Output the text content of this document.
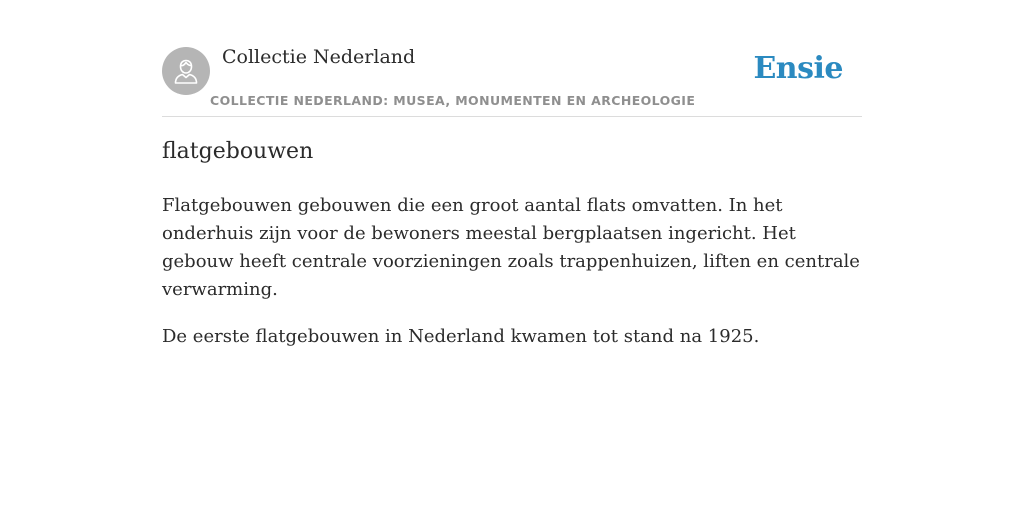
Collectie Nederland
COLLECTIE NEDERLAND: MUSEA, MONUMENTEN EN ARCHEOLOGIE
Ensie
flatgebouwen

Flatgebouwen gebouwen die een groot aantal flats omvatten. In het onderhuis zijn voor de bewoners meestal bergplaatsen ingericht. Het gebouw heeft centrale voorzieningen zoals trappenhuizen, liften en centrale verwarming.

De eerste flatgebouwen in Nederland kwamen tot stand na 1925.
